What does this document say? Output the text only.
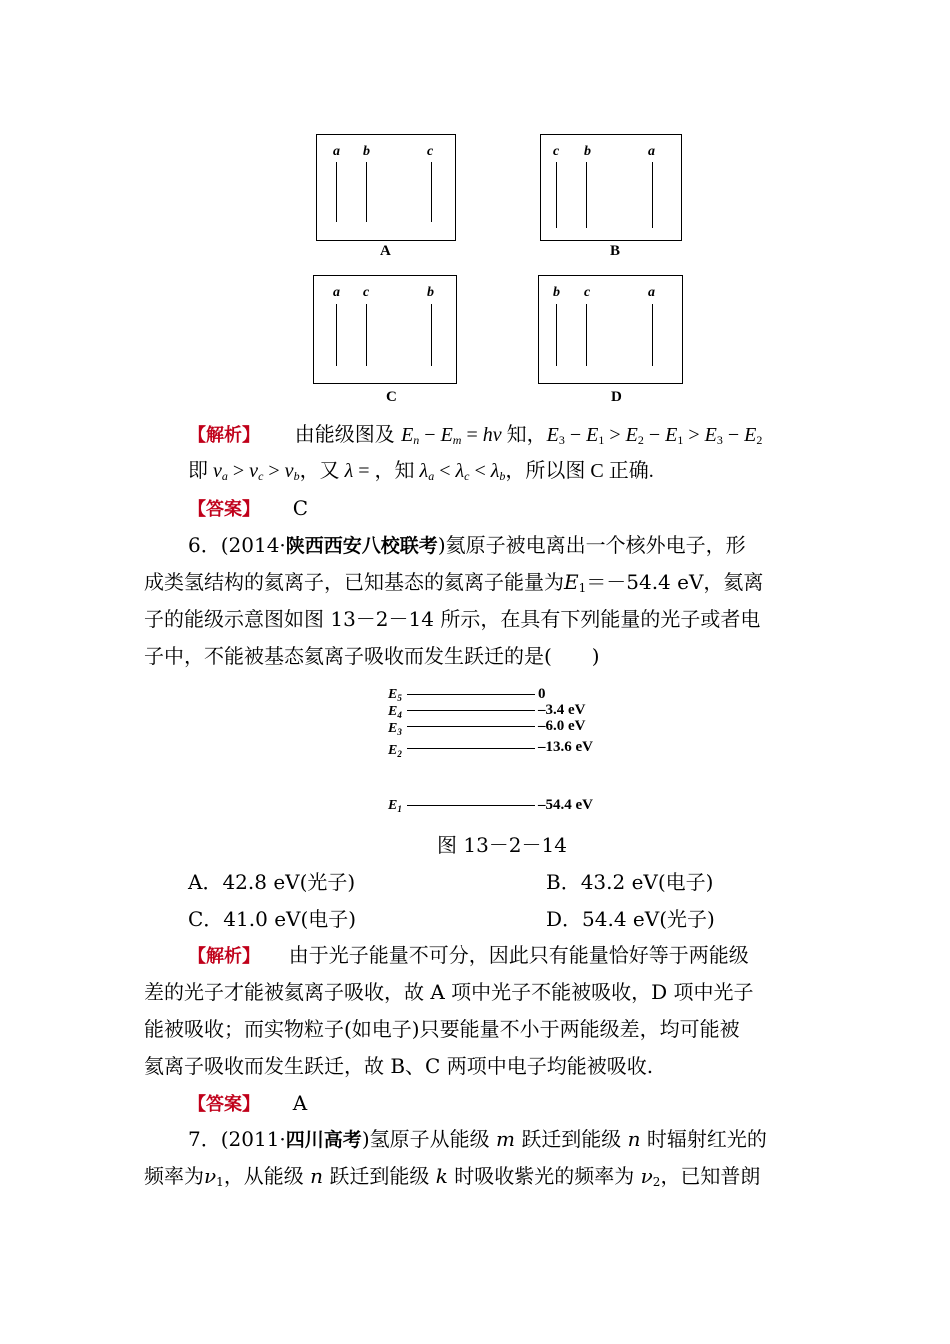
a b	c
A
c b	a
B
a c	b
C
b c	a
D
【解析】 由能级图及 $E_n - E_m = h\nu$ 知，$E_3 - E_1 > E_2 - E_1 > E_3 - E_2$
即 $\nu_a > \nu_c > \nu_b$，又 λ = ，知 $\lambda_a < \lambda_c < \lambda_b$，所以图 C 正确.
【答案】 C
6．(2014·陕西西安八校联考)氦原子被电离出一个核外电子，形
成类氢结构的氦离子，已知基态的氦离子能量为$E_1=-54.4$ eV，氦离
子的能级示意图如图 13－2－14 所示，在具有下列能量的光子或者电
子中，不能被基态氦离子吸收而发生跃迁的是(　　)
$E_5$	0
$E_4$	–3.4 eV
$E_3$	–6.0 eV
$E_2$	–13.6 eV
$E_1$	–54.4 eV
图 13－2－14
A．42.8 eV(光子)	B．43.2 eV(电子)
C．41.0 eV(电子)	D．54.4 eV(光子)
【解析】 由于光子能量不可分，因此只有能量恰好等于两能级
差的光子才能被氦离子吸收，故 A 项中光子不能被吸收，D 项中光子
能被吸收；而实物粒子(如电子)只要能量不小于两能级差，均可能被
氦离子吸收而发生跃迁，故 B、C 两项中电子均能被吸收.
【答案】 A
7．(2011·四川高考)氢原子从能级 m 跃迁到能级 n 时辐射红光的
频率为$\nu_1$，从能级 n 跃迁到能级 k 时吸收紫光的频率为 $\nu_2$，已知普朗
